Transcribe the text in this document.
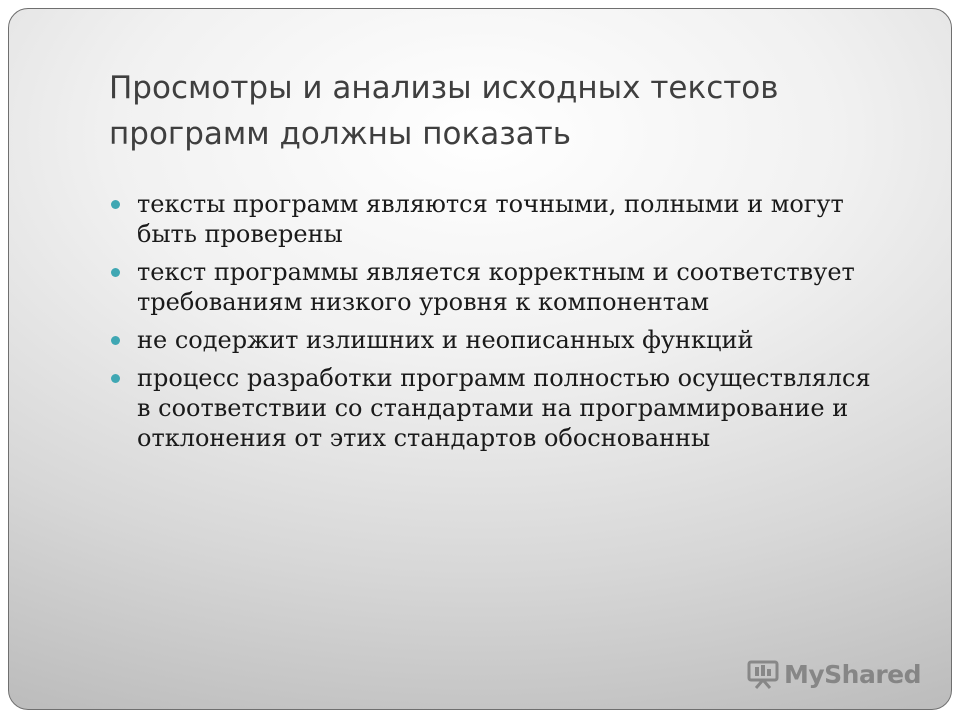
Просмотры и анализы исходных текстов программ должны показать
тексты программ являются точными, полными и могут быть проверены
текст программы является корректным и соответствует требованиям низкого уровня к компонентам
не содержит излишних и неописанных функций
процесс разработки программ полностью осуществлялся в соответствии со стандартами на программирование и отклонения от этих стандартов обоснованны
MyShared
